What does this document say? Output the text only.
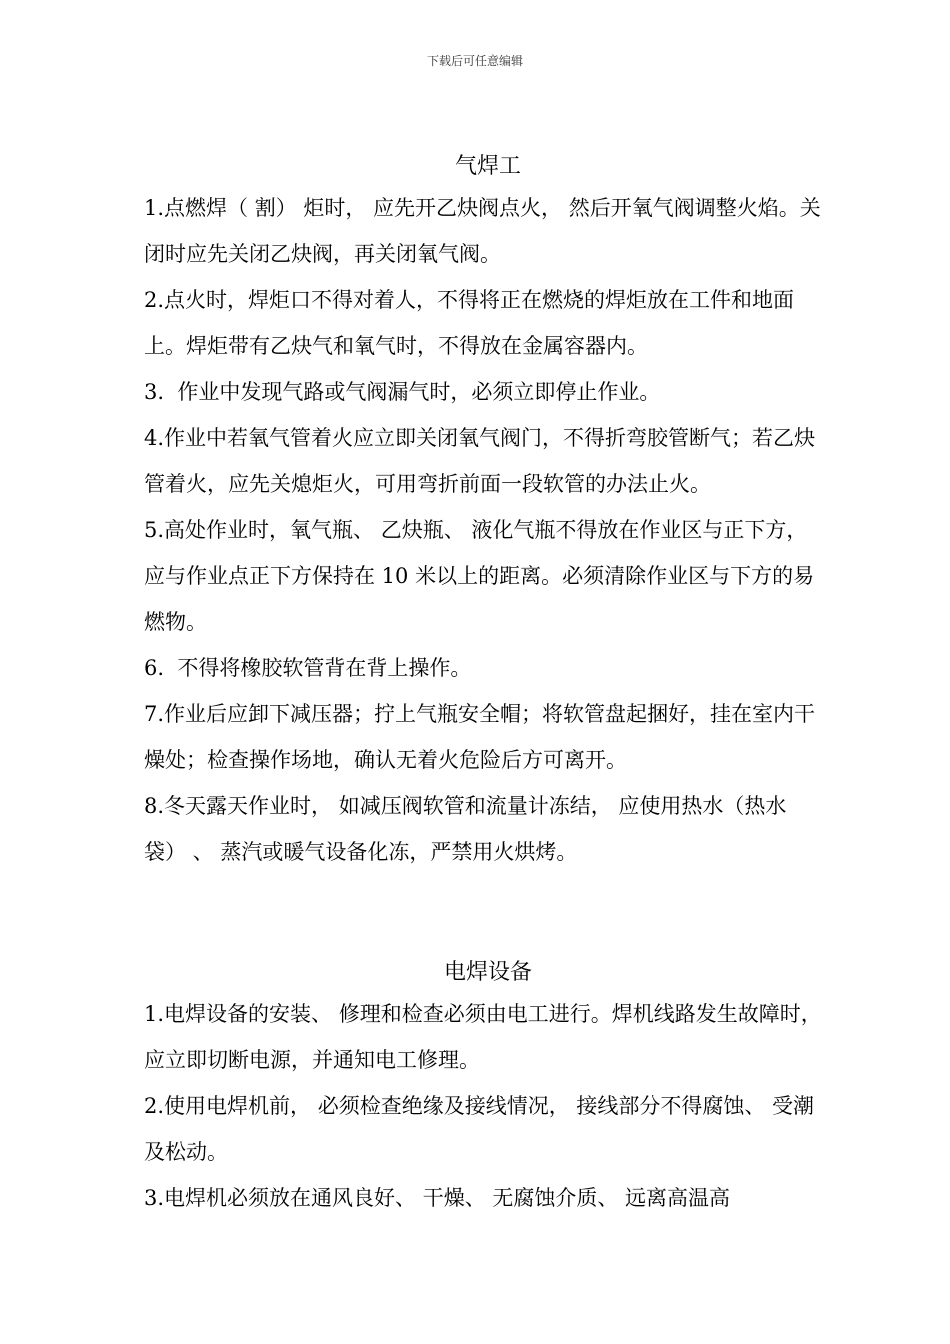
下载后可任意编辑
气焊工

1.点燃焊（ 割） 炬时， 应先开乙炔阀点火， 然后开氧气阀调整火焰。关闭时应先关闭乙炔阀，再关闭氧气阀。

2.点火时，焊炬口不得对着人，不得将正在燃烧的焊炬放在工件和地面上。焊炬带有乙炔气和氧气时，不得放在金属容器内。

3.  作业中发现气路或气阀漏气时，必须立即停止作业。

4.作业中若氧气管着火应立即关闭氧气阀门，不得折弯胶管断气；若乙炔管着火，应先关熄炬火，可用弯折前面一段软管的办法止火。

5.高处作业时，氧气瓶、 乙炔瓶、 液化气瓶不得放在作业区与正下方，应与作业点正下方保持在 10 米以上的距离。必须清除作业区与下方的易燃物。

6.  不得将橡胶软管背在背上操作。

7.作业后应卸下减压器；拧上气瓶安全帽；将软管盘起捆好，挂在室内干燥处；检查操作场地，确认无着火危险后方可离开。

8.冬天露天作业时， 如减压阀软管和流量计冻结， 应使用热水（热水袋） 、 蒸汽或暖气设备化冻，严禁用火烘烤。

电焊设备

1.电焊设备的安装、 修理和检查必须由电工进行。焊机线路发生故障时，应立即切断电源，并通知电工修理。

2.使用电焊机前， 必须检查绝缘及接线情况， 接线部分不得腐蚀、 受潮及松动。

3.电焊机必须放在通风良好、 干燥、 无腐蚀介质、 远离高温高
